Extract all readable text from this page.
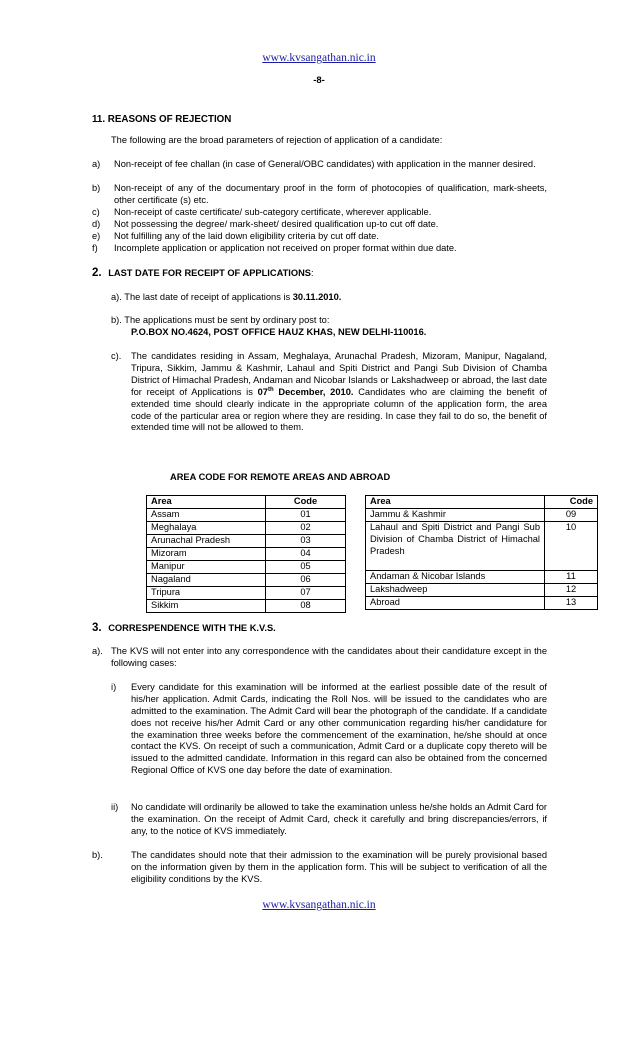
www.kvsangathan.nic.in
-8-
11. REASONS OF REJECTION
The following are the broad parameters of rejection of application of a candidate:
a) Non-receipt of fee challan (in case of General/OBC candidates) with application in the manner desired.
b) Non-receipt of any of the documentary proof in the form of photocopies of qualification, mark-sheets, other certificate (s) etc.
c) Non-receipt of caste certificate/ sub-category certificate, wherever applicable.
d) Not possessing the degree/ mark-sheet/ desired qualification up-to cut off date.
e) Not fulfilling any of the laid down eligibility criteria by cut off date.
f) Incomplete application or application not received on proper format within due date.
2. LAST DATE FOR RECEIPT OF APPLICATIONS:
a). The last date of receipt of applications is 30.11.2010.
b). The applications must be sent by ordinary post to:
P.O.BOX NO.4624, POST OFFICE HAUZ KHAS, NEW DELHI-110016.
c). The candidates residing in Assam, Meghalaya, Arunachal Pradesh, Mizoram, Manipur, Nagaland, Tripura, Sikkim, Jammu & Kashmir, Lahaul and Spiti District and Pangi Sub Division of Chamba District of Himachal Pradesh, Andaman and Nicobar Islands or Lakshadweep or abroad, the last date for receipt of Applications is 07th December, 2010. Candidates who are claiming the benefit of extended time should clearly indicate in the appropriate column of the application form, the area code of the particular area or region where they are residing. In case they fail to do so, the benefit of extended time will not be allowed to them.
AREA CODE FOR REMOTE AREAS AND ABROAD
Area	Code
Assam	01
Meghalaya	02
Arunachal Pradesh	03
Mizoram	04
Manipur	05
Nagaland	06
Tripura	07
Sikkim	08
Area	Code
Jammu & Kashmir	09
Lahaul and Spiti District and Pangi Sub Division of Chamba District of Himachal Pradesh	10
Andaman & Nicobar Islands	11
Lakshadweep	12
Abroad	13
3. CORRESPENDENCE WITH THE K.V.S.
a). The KVS will not enter into any correspondence with the candidates about their candidature except in the following cases:
i) Every candidate for this examination will be informed at the earliest possible date of the result of his/her application. Admit Cards, indicating the Roll Nos. will be issued to the candidates who are admitted to the examination. The Admit Card will bear the photograph of the candidate. If a candidate does not receive his/her Admit Card or any other communication regarding his/her candidature for the examination three weeks before the commencement of the examination, he/she should at once contact the KVS. On receipt of such a communication, Admit Card or a duplicate copy thereto will be issued to the admitted candidate. Information in this regard can also be obtained from the concerned Regional Office of KVS one day before the date of examination.
ii) No candidate will ordinarily be allowed to take the examination unless he/she holds an Admit Card for the examination. On the receipt of Admit Card, check it carefully and bring discrepancies/errors, if any, to the notice of KVS immediately.
b).	The candidates should note that their admission to the examination will be purely provisional based on the information given by them in the application form. This will be subject to verification of all the eligibility conditions by the KVS.
www.kvsangathan.nic.in
